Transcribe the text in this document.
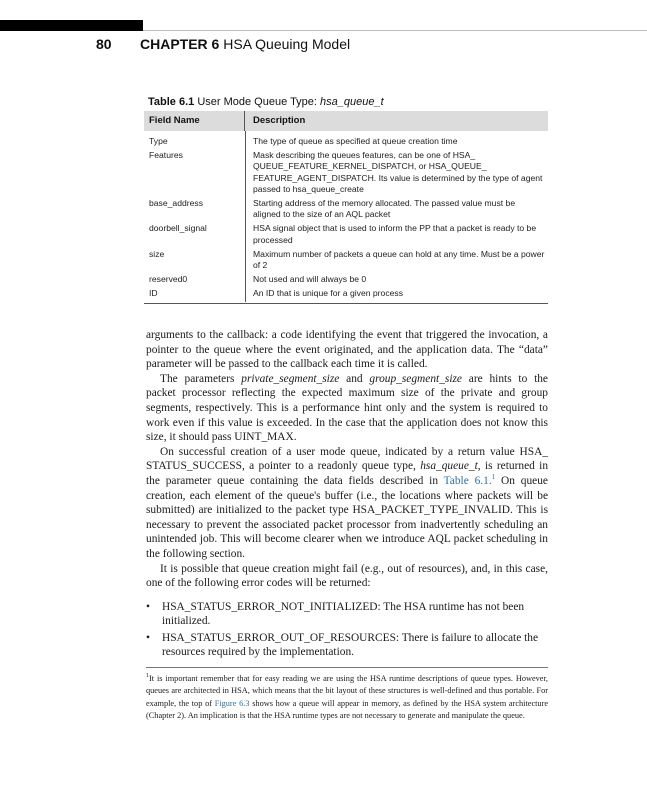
80 CHAPTER 6 HSA Queuing Model
Table 6.1 User Mode Queue Type: hsa_queue_t
Field Name	Description
Type	The type of queue as specified at queue creation time
Features	Mask describing the queues features, can be one of HSA_ QUEUE_FEATURE_KERNEL_DISPATCH, or HSA_QUEUE_ FEATURE_AGENT_DISPATCH. Its value is determined by the type of agent passed to hsa_queue_create
base_address	Starting address of the memory allocated. The passed value must be aligned to the size of an AQL packet
doorbell_signal	HSA signal object that is used to inform the PP that a packet is ready to be processed
size	Maximum number of packets a queue can hold at any time. Must be a power of 2
reserved0	Not used and will always be 0
ID	An ID that is unique for a given process

arguments to the callback: a code identifying the event that triggered the invocation, a pointer to the queue where the event originated, and the application data. The “data” parameter will be passed to the callback each time it is called.

The parameters private_segment_size and group_segment_size are hints to the packet processor reflecting the expected maximum size of the private and group segments, respectively. This is a performance hint only and the system is required to work even if this value is exceeded. In the case that the application does not know this size, it should pass UINT_MAX.

On successful creation of a user mode queue, indicated by a return value HSA_ STATUS_SUCCESS, a pointer to a readonly queue type, hsa_queue_t, is returned in the parameter queue containing the data fields described in Table 6.1.$^1$ On queue creation, each element of the queue's buffer (i.e., the locations where packets will be submitted) are initialized to the packet type HSA_PACKET_TYPE_INVALID. This is necessary to prevent the associated packet processor from inadvertently scheduling an unintended job. This will become clearer when we introduce AQL packet scheduling in the following section.

It is possible that queue creation might fail (e.g., out of resources), and, in this case, one of the following error codes will be returned:

• HSA_STATUS_ERROR_NOT_INITIALIZED: The HSA runtime has not been initialized.
• HSA_STATUS_ERROR_OUT_OF_RESOURCES: There is failure to allocate the resources required by the implementation.
$^1$It is important remember that for easy reading we are using the HSA runtime descriptions of queue types. However, queues are architected in HSA, which means that the bit layout of these structures is well-defined and thus portable. For example, the top of Figure 6.3 shows how a queue will appear in memory, as defined by the HSA system architecture (Chapter 2). An implication is that the HSA runtime types are not necessary to generate and manipulate the queue.
